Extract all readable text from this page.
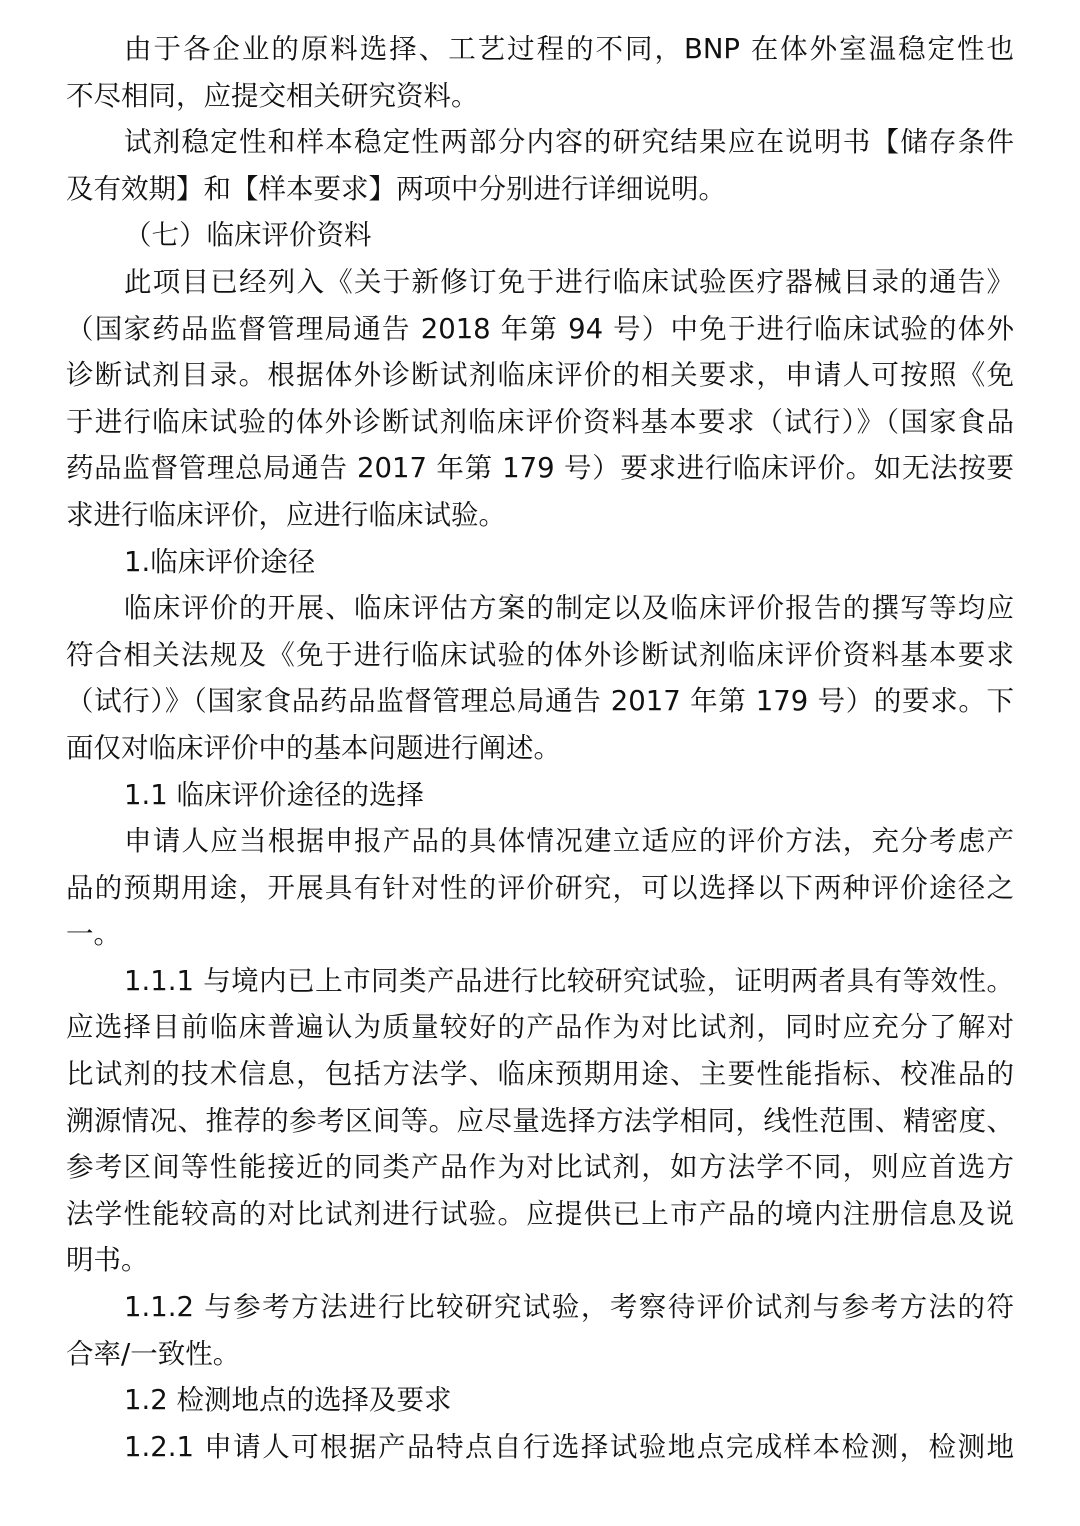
由于各企业的原料选择、工艺过程的不同，BNP 在体外室温稳定性也
不尽相同，应提交相关研究资料。
试剂稳定性和样本稳定性两部分内容的研究结果应在说明书【储存条件
及有效期】和【样本要求】两项中分别进行详细说明。
（七）临床评价资料
此项目已经列入《关于新修订免于进行临床试验医疗器械目录的通告》
（国家药品监督管理局通告 2018 年第 94 号）中免于进行临床试验的体外
诊断试剂目录。根据体外诊断试剂临床评价的相关要求，申请人可按照《免
于进行临床试验的体外诊断试剂临床评价资料基本要求（试行）》（国家食品
药品监督管理总局通告 2017 年第 179 号）要求进行临床评价。如无法按要
求进行临床评价，应进行临床试验。
1.临床评价途径
临床评价的开展、临床评估方案的制定以及临床评价报告的撰写等均应
符合相关法规及《免于进行临床试验的体外诊断试剂临床评价资料基本要求
（试行）》（国家食品药品监督管理总局通告 2017 年第 179 号）的要求。下
面仅对临床评价中的基本问题进行阐述。
1.1 临床评价途径的选择
申请人应当根据申报产品的具体情况建立适应的评价方法，充分考虑产
品的预期用途，开展具有针对性的评价研究，可以选择以下两种评价途径之
一。
1.1.1 与境内已上市同类产品进行比较研究试验，证明两者具有等效性。
应选择目前临床普遍认为质量较好的产品作为对比试剂，同时应充分了解对
比试剂的技术信息，包括方法学、临床预期用途、主要性能指标、校准品的
溯源情况、推荐的参考区间等。应尽量选择方法学相同，线性范围、精密度、
参考区间等性能接近的同类产品作为对比试剂，如方法学不同，则应首选方
法学性能较高的对比试剂进行试验。应提供已上市产品的境内注册信息及说
明书。
1.1.2 与参考方法进行比较研究试验，考察待评价试剂与参考方法的符
合率/一致性。
1.2 检测地点的选择及要求
1.2.1 申请人可根据产品特点自行选择试验地点完成样本检测，检测地
